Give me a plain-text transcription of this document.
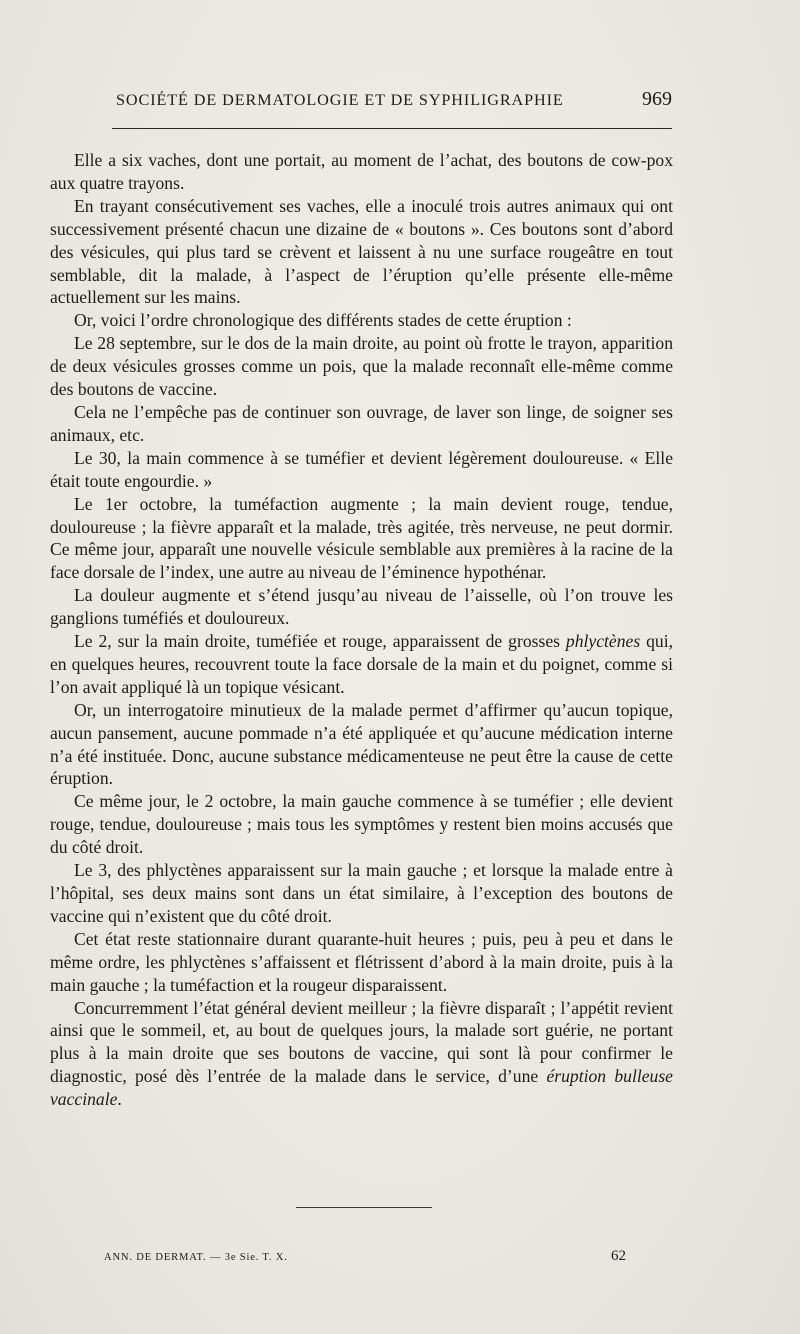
SOCIÉTÉ DE DERMATOLOGIE ET DE SYPHILIGRAPHIE	969

Elle a six vaches, dont une portait, au moment de l’achat, des boutons de cow-pox aux quatre trayons.

En trayant consécutivement ses vaches, elle a inoculé trois autres animaux qui ont successivement présenté chacun une dizaine de « boutons ». Ces boutons sont d’abord des vésicules, qui plus tard se crèvent et laissent à nu une surface rougeâtre en tout semblable, dit la malade, à l’aspect de l’éruption qu’elle présente elle-même actuellement sur les mains.

Or, voici l’ordre chronologique des différents stades de cette éruption :

Le 28 septembre, sur le dos de la main droite, au point où frotte le trayon, apparition de deux vésicules grosses comme un pois, que la malade reconnaît elle-même comme des boutons de vaccine.

Cela ne l’empêche pas de continuer son ouvrage, de laver son linge, de soigner ses animaux, etc.

Le 30, la main commence à se tuméfier et devient légèrement douloureuse. « Elle était toute engourdie. »

Le 1er octobre, la tuméfaction augmente ; la main devient rouge, tendue, douloureuse ; la fièvre apparaît et la malade, très agitée, très nerveuse, ne peut dormir. Ce même jour, apparaît une nouvelle vésicule semblable aux premières à la racine de la face dorsale de l’index, une autre au niveau de l’éminence hypothénar.

La douleur augmente et s’étend jusqu’au niveau de l’aisselle, où l’on trouve les ganglions tuméfiés et douloureux.

Le 2, sur la main droite, tuméfiée et rouge, apparaissent de grosses phlyctènes qui, en quelques heures, recouvrent toute la face dorsale de la main et du poignet, comme si l’on avait appliqué là un topique vésicant.

Or, un interrogatoire minutieux de la malade permet d’affirmer qu’aucun topique, aucun pansement, aucune pommade n’a été appliquée et qu’aucune médication interne n’a été instituée. Donc, aucune substance médicamenteuse ne peut être la cause de cette éruption.

Ce même jour, le 2 octobre, la main gauche commence à se tuméfier ; elle devient rouge, tendue, douloureuse ; mais tous les symptômes y restent bien moins accusés que du côté droit.

Le 3, des phlyctènes apparaissent sur la main gauche ; et lorsque la malade entre à l’hôpital, ses deux mains sont dans un état similaire, à l’exception des boutons de vaccine qui n’existent que du côté droit.

Cet état reste stationnaire durant quarante-huit heures ; puis, peu à peu et dans le même ordre, les phlyctènes s’affaissent et flétrissent d’abord à la main droite, puis à la main gauche ; la tuméfaction et la rougeur disparaissent.

Concurremment l’état général devient meilleur ; la fièvre disparaît ; l’appétit revient ainsi que le sommeil, et, au bout de quelques jours, la malade sort guérie, ne portant plus à la main droite que ses boutons de vaccine, qui sont là pour confirmer le diagnostic, posé dès l’entrée de la malade dans le service, d’une éruption bulleuse vaccinale.

ANN. DE DERMAT. — 3e Sie. T. X.	62
